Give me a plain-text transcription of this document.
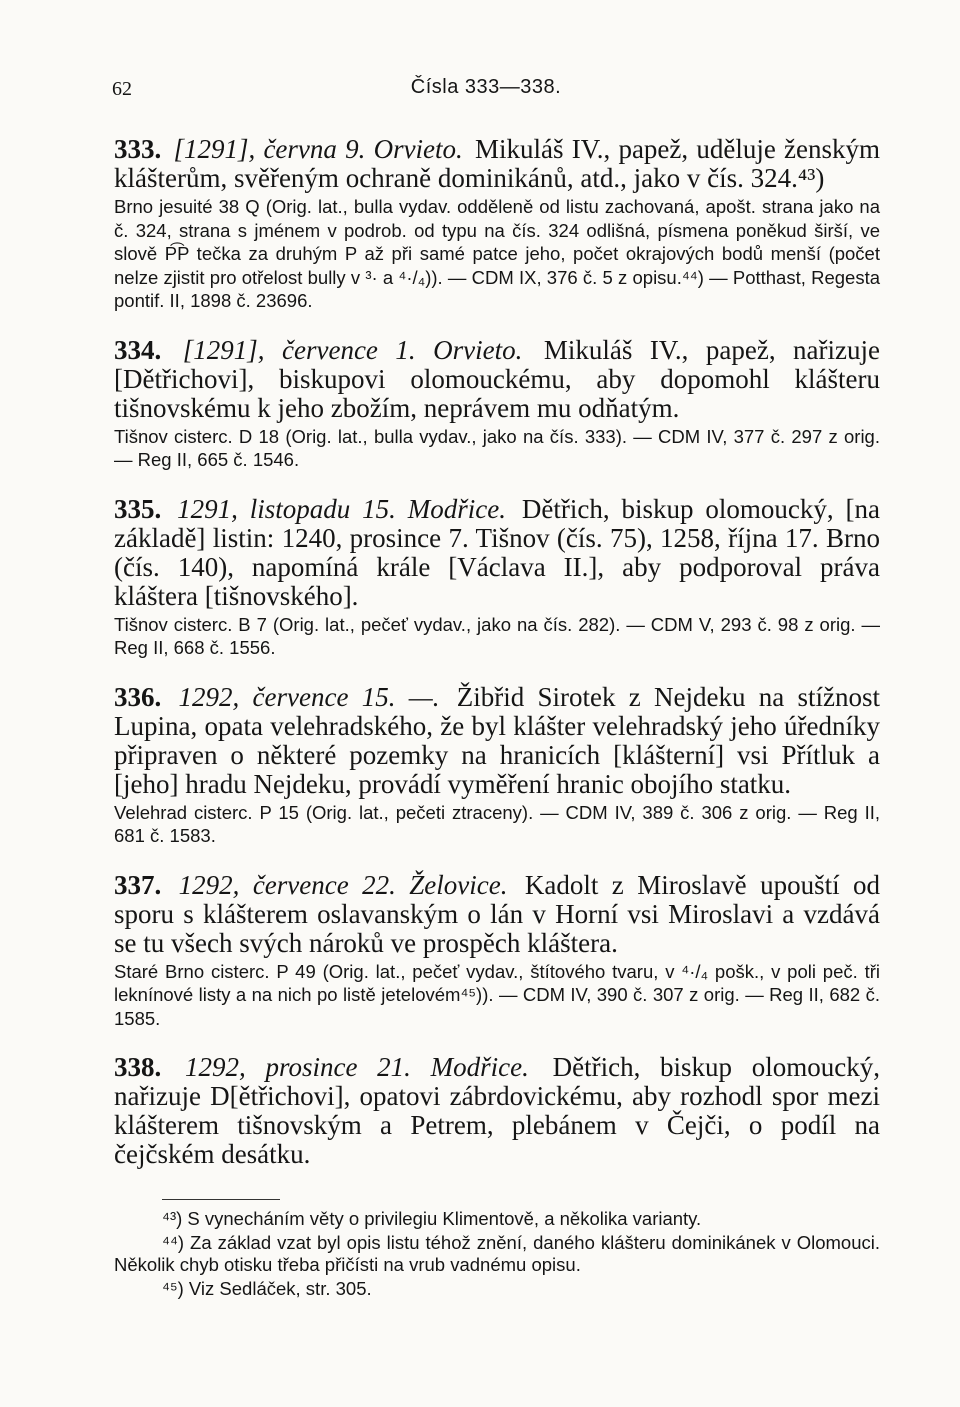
62	Čísla 333—338.

333. [1291], června 9. Orvieto. Mikuláš IV., papež, uděluje ženským klášterům, svěřeným ochraně dominikánů, atd., jako v čís. 324.⁴³)

Brno jesuité 38 Q (Orig. lat., bulla vydav. odděleně od listu zachovaná, apošt. strana jako na č. 324, strana s jménem v podrob. od typu na čís. 324 odlišná, písmena poněkud širší, ve slově P͡P tečka za druhým P až při samé patce jeho, počet okrajových bodů menší (počet nelze zjistit pro otřelost bully v ³· a ⁴·/₄)). — CDM IX, 376 č. 5 z opisu.⁴⁴) — Potthast, Regesta pontif. II, 1898 č. 23696.

334. [1291], července 1. Orvieto. Mikuláš IV., papež, nařizuje [Dětřichovi], biskupovi olomouckému, aby dopomohl klášteru tišnovskému k jeho zbožím, neprávem mu odňatým.

Tišnov cisterc. D 18 (Orig. lat., bulla vydav., jako na čís. 333). — CDM IV, 377 č. 297 z orig. — Reg II, 665 č. 1546.

335. 1291, listopadu 15. Modřice. Dětřich, biskup olomoucký, [na základě] listin: 1240, prosince 7. Tišnov (čís. 75), 1258, října 17. Brno (čís. 140), napomíná krále [Václava II.], aby podporoval práva kláštera [tišnovského].

Tišnov cisterc. B 7 (Orig. lat., pečeť vydav., jako na čís. 282). — CDM V, 293 č. 98 z orig. — Reg II, 668 č. 1556.

336. 1292, července 15. —. Žibřid Sirotek z Nejdeku na stížnost Lupina, opata velehradského, že byl klášter velehradský jeho úředníky připraven o některé pozemky na hranicích [klášterní] vsi Přítluk a [jeho] hradu Nejdeku, provádí vyměření hranic obojího statku.

Velehrad cisterc. P 15 (Orig. lat., pečeti ztraceny). — CDM IV, 389 č. 306 z orig. — Reg II, 681 č. 1583.

337. 1292, července 22. Želovice. Kadolt z Miroslavě upouští od sporu s klášterem oslavanským o lán v Horní vsi Miroslavi a vzdává se tu všech svých nároků ve prospěch kláštera.

Staré Brno cisterc. P 49 (Orig. lat., pečeť vydav., štítového tvaru, v ⁴·/₄ pošk., v poli peč. tři leknínové listy a na nich po listě jetelovém⁴⁵)). — CDM IV, 390 č. 307 z orig. — Reg II, 682 č. 1585.

338. 1292, prosince 21. Modřice. Dětřich, biskup olomoucký, nařizuje D[ětřichovi], opatovi zábrdovickému, aby rozhodl spor mezi klášterem tišnovským a Petrem, plebánem v Čejči, o podíl na čejčském desátku.

⁴³) S vynecháním věty o privilegiu Klimentově, a několika varianty.

⁴⁴) Za základ vzat byl opis listu téhož znění, daného klášteru dominikánek v Olomouci. Několik chyb otisku třeba přičísti na vrub vadnému opisu.

⁴⁵) Viz Sedláček, str. 305.
